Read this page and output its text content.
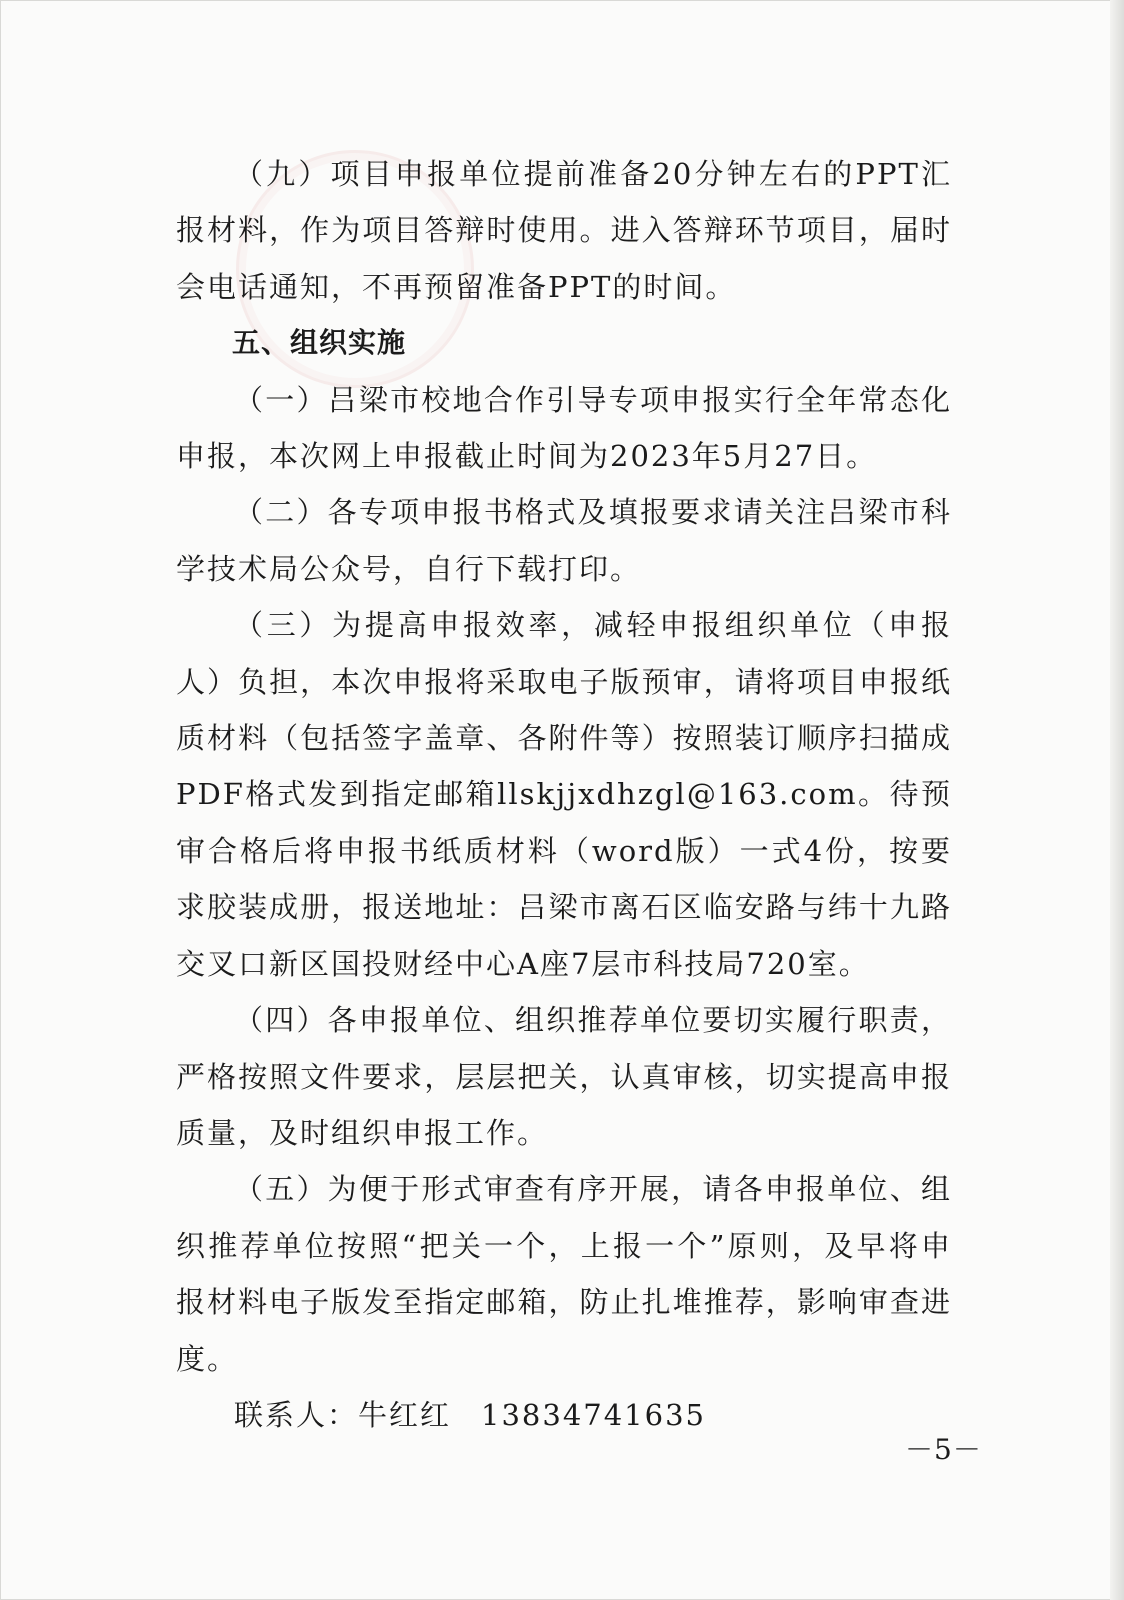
（九）项目申报单位提前准备20分钟左右的PPT汇报材料，作为项目答辩时使用。进入答辩环节项目，届时会电话通知，不再预留准备PPT的时间。

五、组织实施

（一）吕梁市校地合作引导专项申报实行全年常态化申报，本次网上申报截止时间为2023年5月27日。

（二）各专项申报书格式及填报要求请关注吕梁市科学技术局公众号，自行下载打印。

（三）为提高申报效率，减轻申报组织单位（申报人）负担，本次申报将采取电子版预审，请将项目申报纸质材料（包括签字盖章、各附件等）按照装订顺序扫描成PDF格式发到指定邮箱llskjjxdhzgl@163.com。待预审合格后将申报书纸质材料（word版）一式4份，按要求胶装成册，报送地址：吕梁市离石区临安路与纬十九路交叉口新区国投财经中心A座7层市科技局720室。

（四）各申报单位、组织推荐单位要切实履行职责，严格按照文件要求，层层把关，认真审核，切实提高申报质量，及时组织申报工作。

（五）为便于形式审查有序开展，请各申报单位、组织推荐单位按照“把关一个，上报一个”原则，及早将申报材料电子版发至指定邮箱，防止扎堆推荐，影响审查进度。

联系人：牛红红 13834741635

－5－
